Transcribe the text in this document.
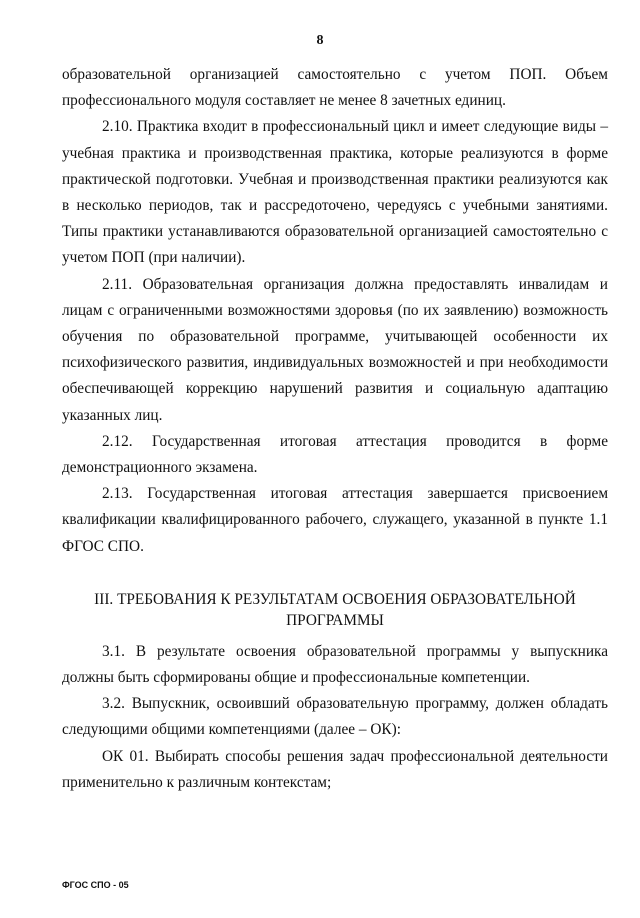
8

образовательной организацией самостоятельно с учетом ПОП. Объем профессионального модуля составляет не менее 8 зачетных единиц.

2.10. Практика входит в профессиональный цикл и имеет следующие виды – учебная практика и производственная практика, которые реализуются в форме практической подготовки. Учебная и производственная практики реализуются как в несколько периодов, так и рассредоточено, чередуясь с учебными занятиями. Типы практики устанавливаются образовательной организацией самостоятельно с учетом ПОП (при наличии).

2.11. Образовательная организация должна предоставлять инвалидам и лицам с ограниченными возможностями здоровья (по их заявлению) возможность обучения по образовательной программе, учитывающей особенности их психофизического развития, индивидуальных возможностей и при необходимости обеспечивающей коррекцию нарушений развития и социальную адаптацию указанных лиц.

2.12. Государственная итоговая аттестация проводится в форме демонстрационного экзамена.

2.13. Государственная итоговая аттестация завершается присвоением квалификации квалифицированного рабочего, служащего, указанной в пункте 1.1 ФГОС СПО.

III. ТРЕБОВАНИЯ К РЕЗУЛЬТАТАМ ОСВОЕНИЯ ОБРАЗОВАТЕЛЬНОЙ ПРОГРАММЫ

3.1. В результате освоения образовательной программы у выпускника должны быть сформированы общие и профессиональные компетенции.

3.2. Выпускник, освоивший образовательную программу, должен обладать следующими общими компетенциями (далее – ОК):

ОК 01. Выбирать способы решения задач профессиональной деятельности применительно к различным контекстам;

ФГОС СПО - 05
